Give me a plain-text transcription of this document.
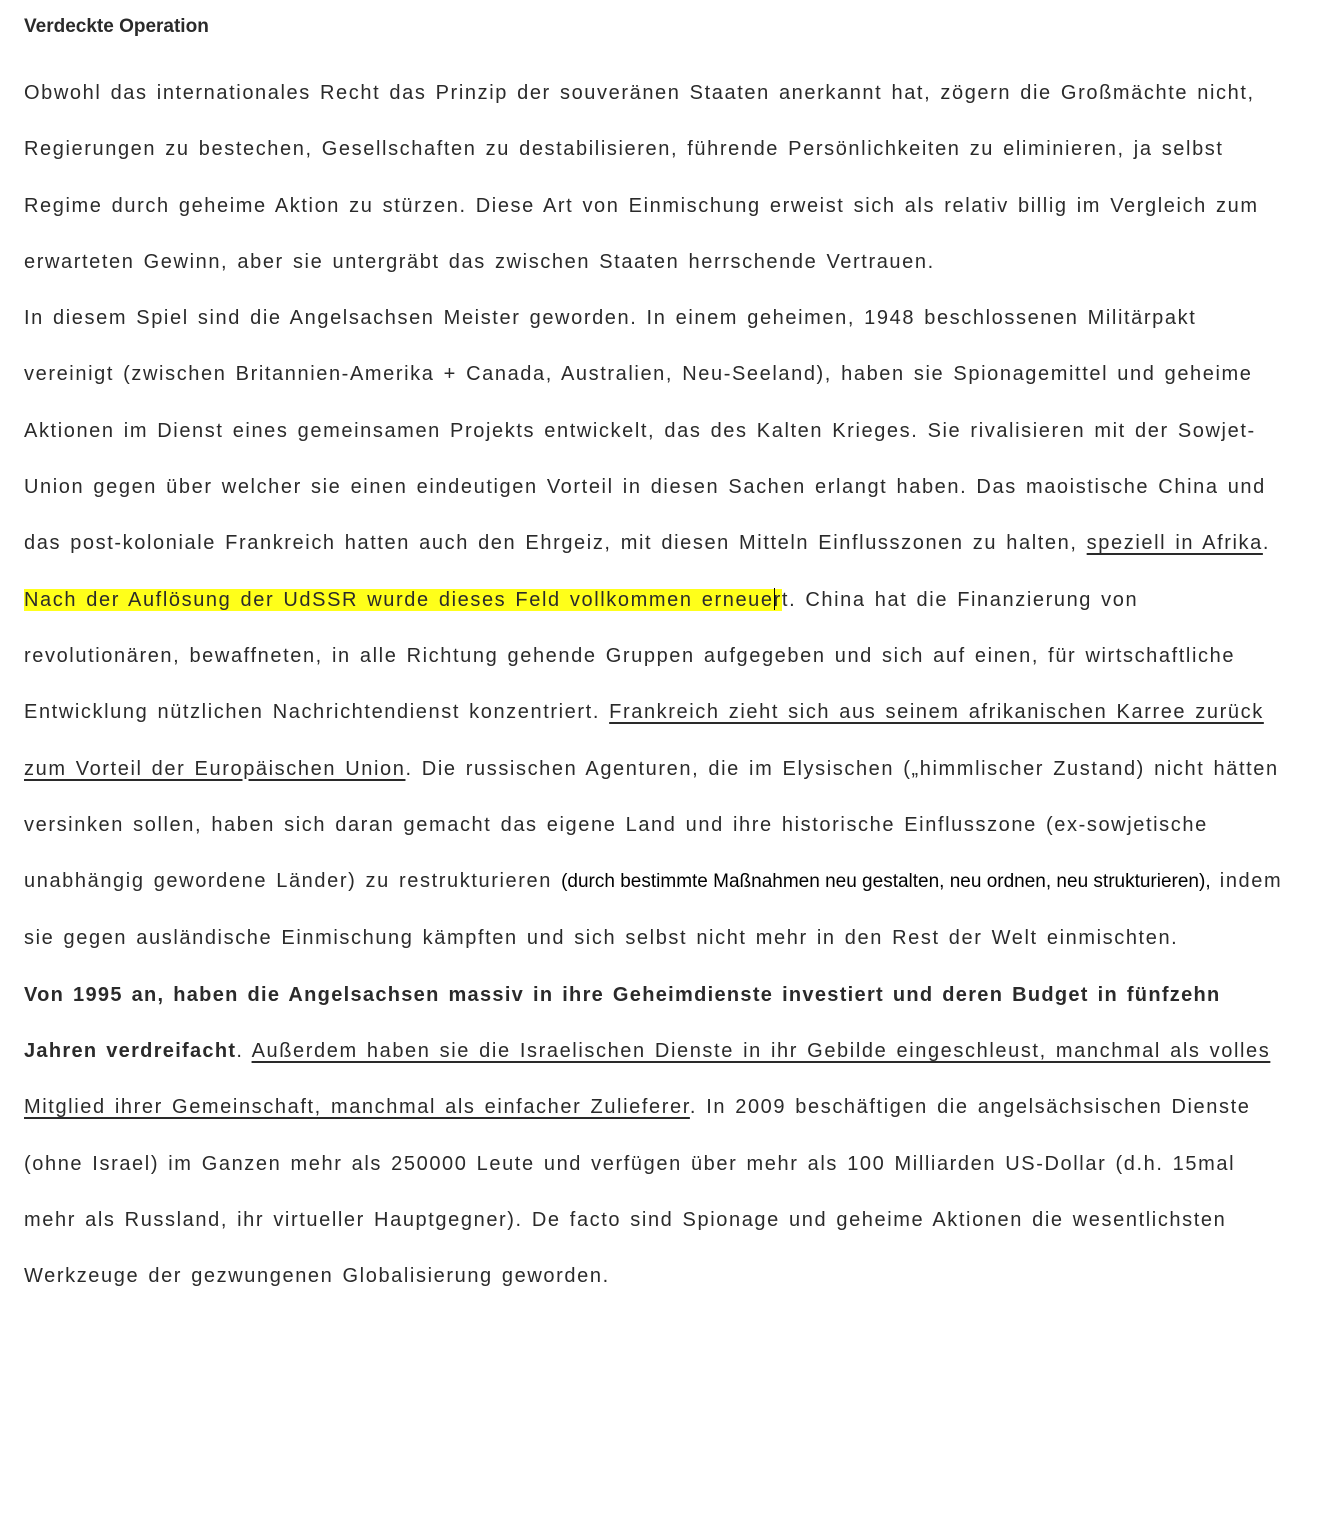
Verdeckte Operation

Obwohl das internationales Recht das Prinzip der souveränen Staaten anerkannt hat, zögern die Großmächte nicht, Regierungen zu bestechen, Gesellschaften zu destabilisieren, führende Persönlichkeiten zu eliminieren, ja selbst Regime durch geheime Aktion zu stürzen. Diese Art von Einmischung erweist sich als relativ billig im Vergleich zum erwarteten Gewinn, aber sie untergräbt das zwischen Staaten herrschende Vertrauen.

In diesem Spiel sind die Angelsachsen Meister geworden. In einem geheimen, 1948 beschlossenen Militärpakt vereinigt (zwischen Britannien-Amerika + Canada, Australien, Neu-Seeland), haben sie Spionagemittel und geheime Aktionen im Dienst eines gemeinsamen Projekts entwickelt, das des Kalten Krieges. Sie rivalisieren mit der Sowjet-Union gegen über welcher sie einen eindeutigen Vorteil in diesen Sachen erlangt haben. Das maoistische China und das post-koloniale Frankreich hatten auch den Ehrgeiz, mit diesen Mitteln Einflusszonen zu halten, speziell in Afrika.

Nach der Auflösung der UdSSR wurde dieses Feld vollkommen erneuert. China hat die Finanzierung von revolutionären, bewaffneten, in alle Richtung gehende Gruppen aufgegeben und sich auf einen, für wirtschaftliche Entwicklung nützlichen Nachrichtendienst konzentriert. Frankreich zieht sich aus seinem afrikanischen Karree zurück zum Vorteil der Europäischen Union. Die russischen Agenturen, die im Elysischen („himmlischer Zustand) nicht hätten versinken sollen, haben sich daran gemacht das eigene Land und ihre historische Einflusszone (ex-sowjetische unabhängig gewordene Länder) zu restrukturieren (durch bestimmte Maßnahmen neu gestalten, neu ordnen, neu strukturieren), indem sie gegen ausländische Einmischung kämpften und sich selbst nicht mehr in den Rest der Welt einmischten.

Von 1995 an, haben die Angelsachsen massiv in ihre Geheimdienste investiert und deren Budget in fünfzehn Jahren verdreifacht. Außerdem haben sie die Israelischen Dienste in ihr Gebilde eingeschleust, manchmal als volles Mitglied ihrer Gemeinschaft, manchmal als einfacher Zulieferer. In 2009 beschäftigen die angelsächsischen Dienste (ohne Israel) im Ganzen mehr als 250000 Leute und verfügen über mehr als 100 Milliarden US-Dollar (d.h. 15mal mehr als Russland, ihr virtueller Hauptgegner). De facto sind Spionage und geheime Aktionen die wesentlichsten Werkzeuge der gezwungenen Globalisierung geworden.
